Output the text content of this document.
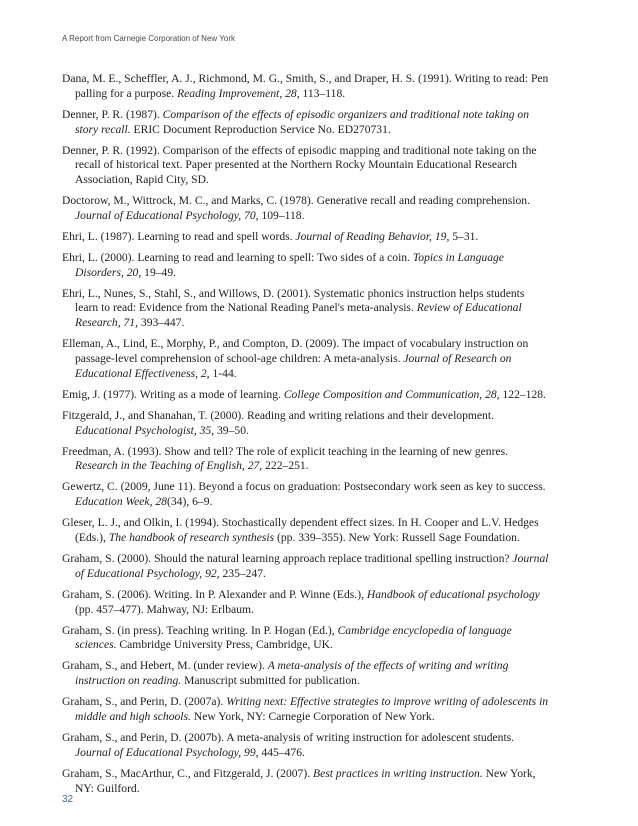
A Report from Carnegie Corporation of New York

Dana, M. E., Scheffler, A. J., Richmond, M. G., Smith, S., and Draper, H. S. (1991). Writing to read: Pen palling for a purpose. Reading Improvement, 28, 113–118.

Denner, P. R. (1987). Comparison of the effects of episodic organizers and traditional note taking on story recall. ERIC Document Reproduction Service No. ED270731.

Denner, P. R. (1992). Comparison of the effects of episodic mapping and traditional note taking on the recall of historical text. Paper presented at the Northern Rocky Mountain Educational Research Association, Rapid City, SD.

Doctorow, M., Wittrock, M. C., and Marks, C. (1978). Generative recall and reading comprehension. Journal of Educational Psychology, 70, 109–118.

Ehri, L. (1987). Learning to read and spell words. Journal of Reading Behavior, 19, 5–31.

Ehri, L. (2000). Learning to read and learning to spell: Two sides of a coin. Topics in Language Disorders, 20, 19–49.

Ehri, L., Nunes, S., Stahl, S., and Willows, D. (2001). Systematic phonics instruction helps students learn to read: Evidence from the National Reading Panel's meta-analysis. Review of Educational Research, 71, 393–447.

Elleman, A., Lind, E., Morphy, P., and Compton, D. (2009). The impact of vocabulary instruction on passage-level comprehension of school-age children: A meta-analysis. Journal of Research on Educational Effectiveness, 2, 1-44.

Emig, J. (1977). Writing as a mode of learning. College Composition and Communication, 28, 122–128.

Fitzgerald, J., and Shanahan, T. (2000). Reading and writing relations and their development. Educational Psychologist, 35, 39–50.

Freedman, A. (1993). Show and tell? The role of explicit teaching in the learning of new genres. Research in the Teaching of English, 27, 222–251.

Gewertz, C. (2009, June 11). Beyond a focus on graduation: Postsecondary work seen as key to success. Education Week, 28(34), 6–9.

Gleser, L. J., and Olkin, I. (1994). Stochastically dependent effect sizes. In H. Cooper and L.V. Hedges (Eds.), The handbook of research synthesis (pp. 339–355). New York: Russell Sage Foundation.

Graham, S. (2000). Should the natural learning approach replace traditional spelling instruction? Journal of Educational Psychology, 92, 235–247.

Graham, S. (2006). Writing. In P. Alexander and P. Winne (Eds.), Handbook of educational psychology (pp. 457–477). Mahway, NJ: Erlbaum.

Graham, S. (in press). Teaching writing. In P. Hogan (Ed.), Cambridge encyclopedia of language sciences. Cambridge University Press, Cambridge, UK.

Graham, S., and Hebert, M. (under review). A meta-analysis of the effects of writing and writing instruction on reading. Manuscript submitted for publication.

Graham, S., and Perin, D. (2007a). Writing next: Effective strategies to improve writing of adolescents in middle and high schools. New York, NY: Carnegie Corporation of New York.

Graham, S., and Perin, D. (2007b). A meta-analysis of writing instruction for adolescent students. Journal of Educational Psychology, 99, 445–476.

Graham, S., MacArthur, C., and Fitzgerald, J. (2007). Best practices in writing instruction. New York, NY: Guilford.

32
